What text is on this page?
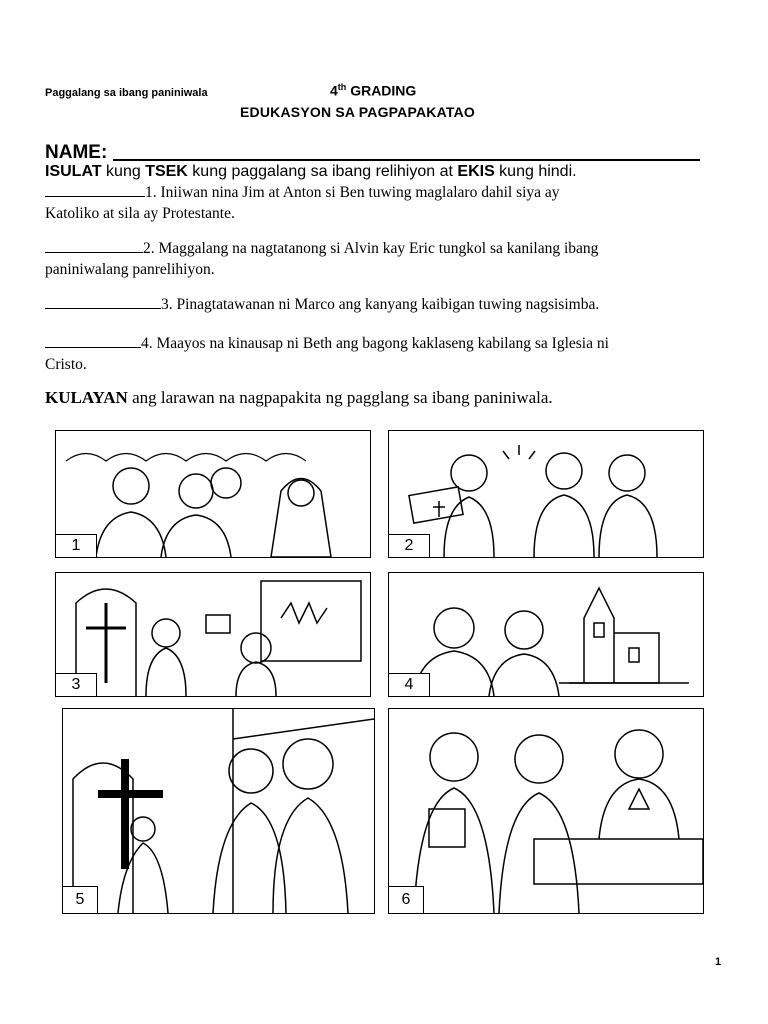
Paggalang sa ibang paniniwala	4th GRADING
EDUKASYON SA PAGPAPAKATAO
NAME:
ISULAT kung TSEK kung paggalang sa ibang relihiyon at EKIS kung hindi.
1. Iniiwan nina Jim at Anton si Ben tuwing maglalaro dahil siya ay
Katoliko at sila ay Protestante.
2. Maggalang na nagtatanong si Alvin kay Eric tungkol sa kanilang ibang
paniniwalang panrelihiyon.
3. Pinagtatawanan ni Marco ang kanyang kaibigan tuwing nagsisimba.
4. Maayos na kinausap ni Beth ang bagong kaklaseng kabilang sa Iglesia ni
Cristo.
KULAYAN ang larawan na nagpapakita ng pagglang sa ibang paniniwala.
1	2
3	4
5	6
1
